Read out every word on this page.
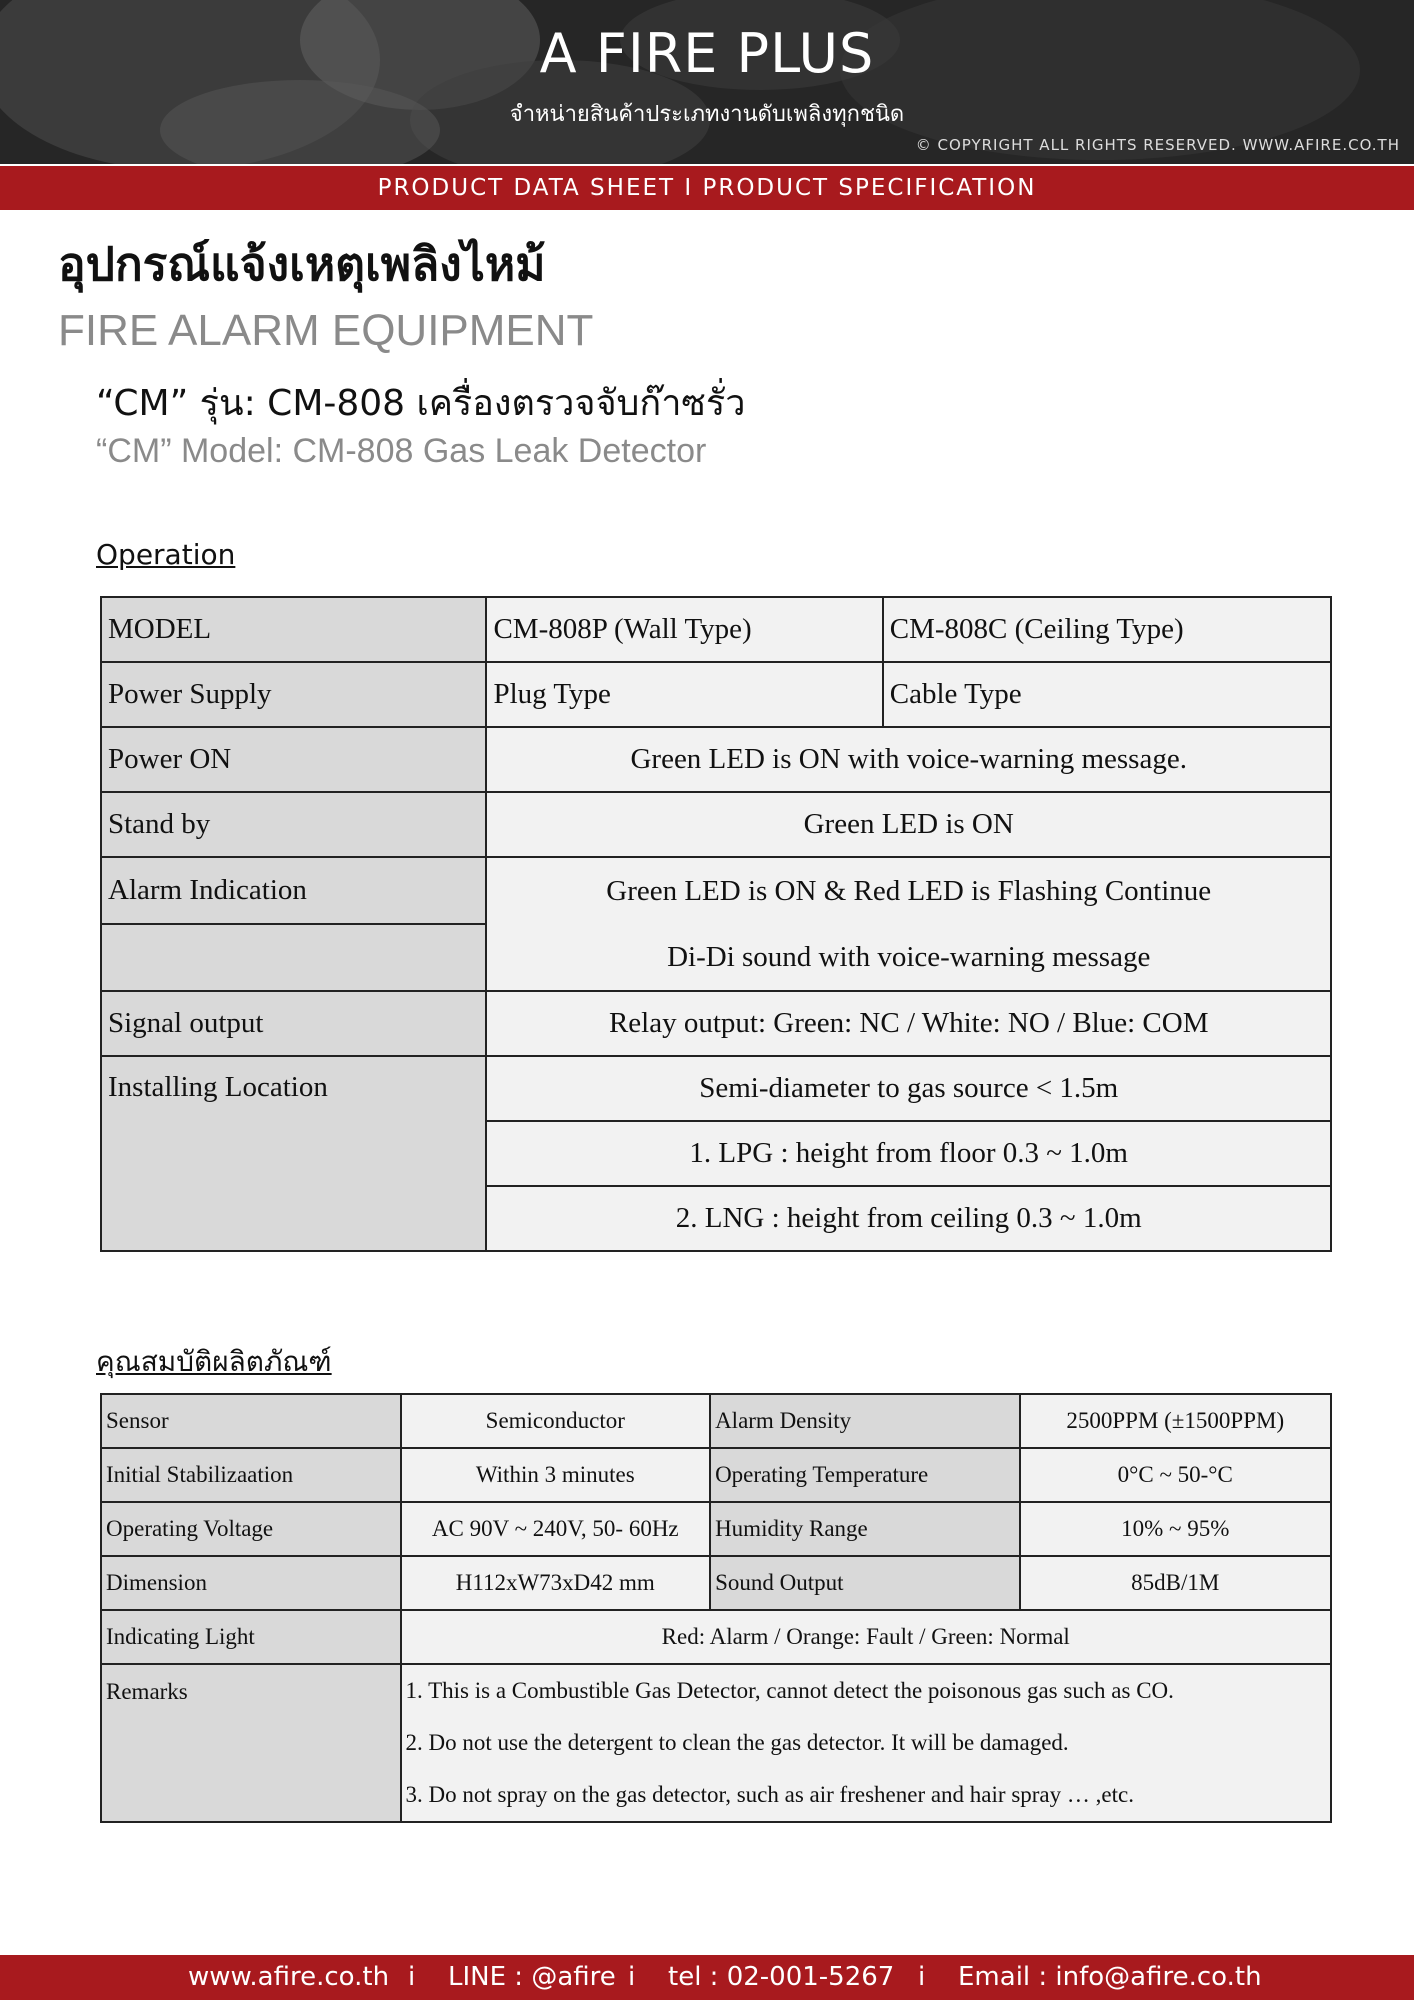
A FIRE PLUS
จำหน่ายสินค้าประเภทงานดับเพลิงทุกชนิด
© COPYRIGHT ALL RIGHTS RESERVED. WWW.AFIRE.CO.TH
PRODUCT DATA SHEET I PRODUCT SPECIFICATION
อุปกรณ์แจ้งเหตุเพลิงไหม้
FIRE ALARM EQUIPMENT
“CM” รุ่น: CM-808 เครื่องตรวจจับก๊าซรั่ว
“CM” Model: CM-808 Gas Leak Detector
Operation
MODEL	CM-808P (Wall Type)	CM-808C (Ceiling Type)
Power Supply	Plug Type	Cable Type
Power ON	Green LED is ON with voice-warning message.	
Stand by	Green LED is ON	
Alarm Indication	Green LED is ON & Red LED is Flashing Continue
Di-Di sound with voice-warning message	

Signal output	Relay output: Green: NC / White: NO / Blue: COM	
Installing Location	Semi-diameter to gas source < 1.5m	
	1. LPG : height from floor 0.3 ~ 1.0m	
	2. LNG : height from ceiling 0.3 ~ 1.0m	
คุณสมบัติผลิตภัณฑ์
Sensor	Semiconductor	Alarm Density	2500PPM (±1500PPM)
Initial Stabilizaation	Within 3 minutes	Operating Temperature	0°C ~ 50-°C
Operating Voltage	AC 90V ~ 240V, 50- 60Hz	Humidity Range	10% ~ 95%
Dimension	H112xW73xD42 mm	Sound Output	85dB/1M
Indicating Light	Red: Alarm / Orange: Fault / Green: Normal		
Remarks	1. This is a Combustible Gas Detector, cannot detect the poisonous gas such as CO.
2. Do not use the detergent to clean the gas detector. It will be damaged.
3. Do not spray on the gas detector, such as air freshener and hair spray … ,etc.		
www.afire.co.th i LINE : @afire i tel : 02-001-5267 i Email : info@afire.co.th
